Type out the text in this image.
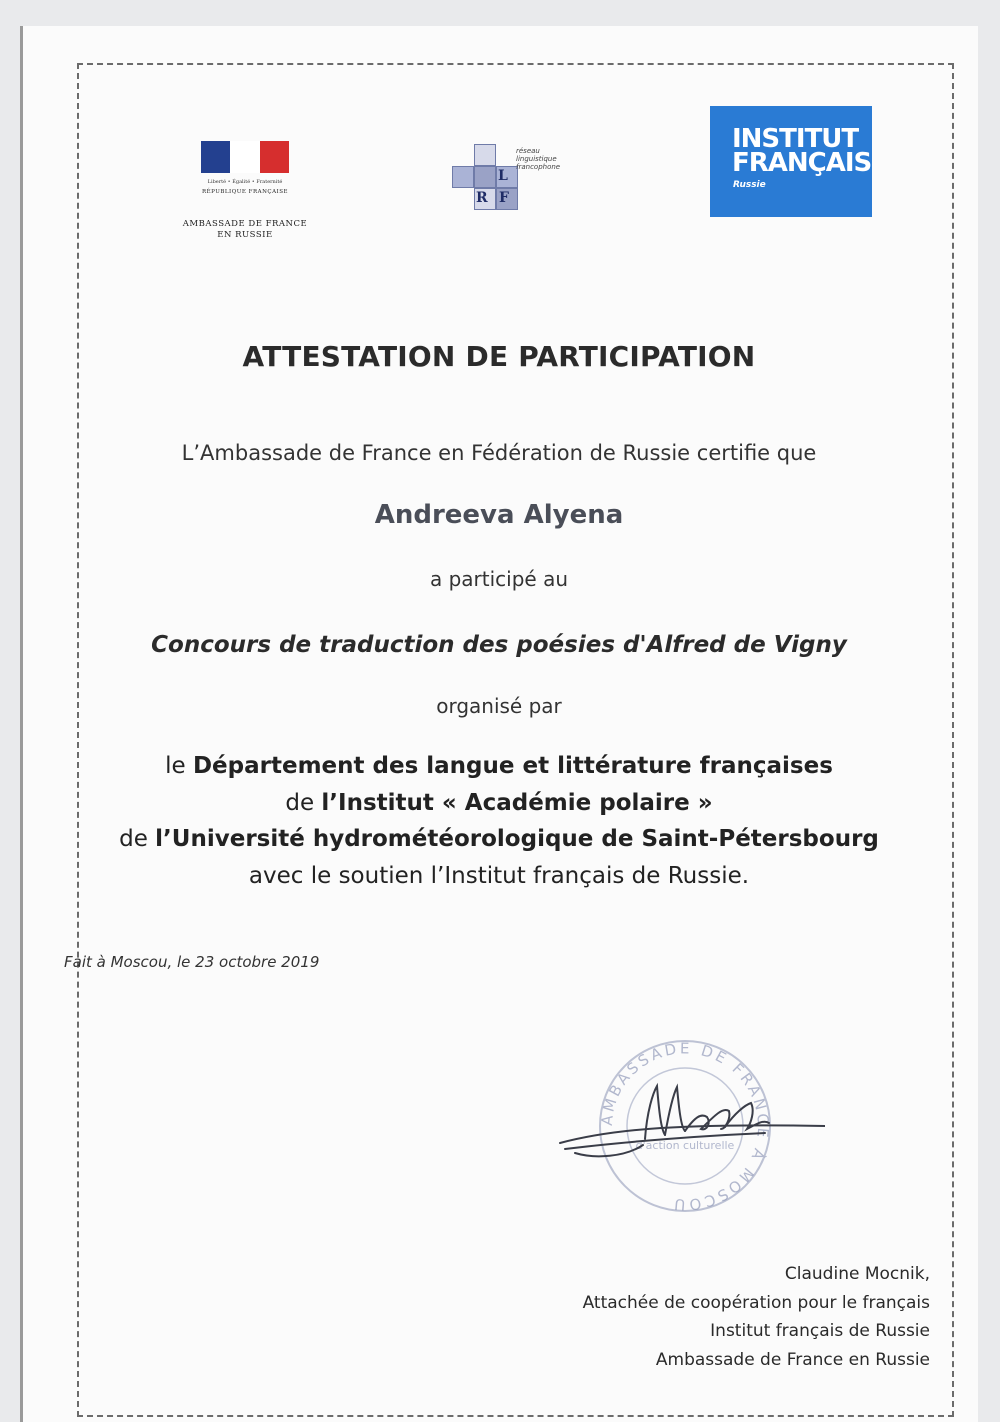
Liberté • Égalité • Fraternité
RÉPUBLIQUE FRANÇAISE
AMBASSADE DE FRANCE
EN RUSSIE
R
L
F
réseau
linguistique
francophone
INSTITUT
FRANÇAIS
Russie
ATTESTATION DE PARTICIPATION
L’Ambassade de France en Fédération de Russie certifie que
Andreeva Alyena
a participé au
Concours de traduction des poésies d'Alfred de Vigny
organisé par
le Département des langue et littérature françaises
de l’Institut « Académie polaire »
de l’Université hydrométéorologique de Saint-Pétersbourg
avec le soutien l’Institut français de Russie.
Fait à Moscou, le 23 octobre 2019
AMBASSADE DE FRANCE À MOSCOU
d'action culturelle
Claudine Mocnik,
Attachée de coopération pour le français
Institut français de Russie
Ambassade de France en Russie
